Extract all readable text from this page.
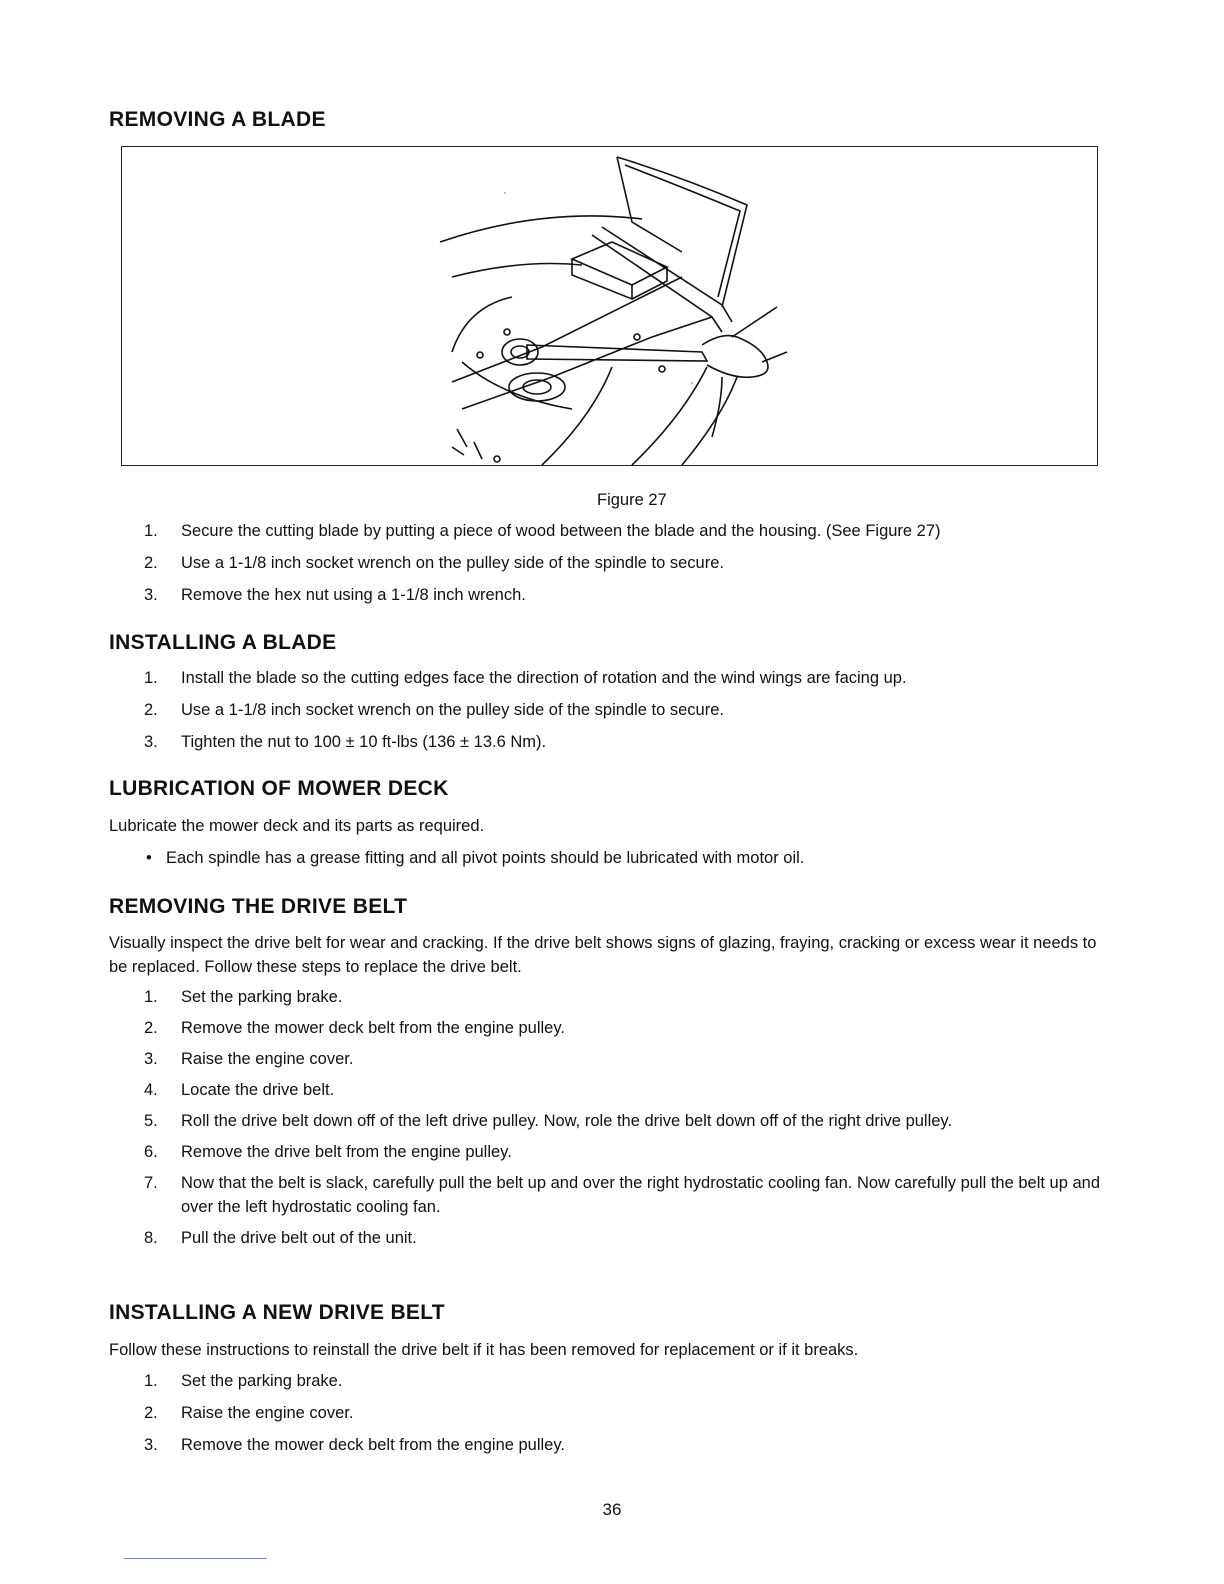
REMOVING A BLADE
Figure 27
1.	Secure the cutting blade by putting a piece of wood between the blade and the housing. (See Figure 27)
2.	Use a 1-1/8 inch socket wrench on the pulley side of the spindle to secure.
3.	Remove the hex nut using a 1-1/8 inch wrench.
INSTALLING A BLADE
1.	Install the blade so the cutting edges face the direction of rotation and the wind wings are facing up.
2.	Use a 1-1/8 inch socket wrench on the pulley side of the spindle to secure.
3.	Tighten the nut to 100 ± 10 ft-lbs (136 ± 13.6 Nm).
LUBRICATION OF MOWER DECK

Lubricate the mower deck and its parts as required.

• Each spindle has a grease fitting and all pivot points should be lubricated with motor oil.
REMOVING THE DRIVE BELT

Visually inspect the drive belt for wear and cracking. If the drive belt shows signs of glazing, fraying, cracking or excess wear it needs to be replaced. Follow these steps to replace the drive belt.

1.	Set the parking brake.
2.	Remove the mower deck belt from the engine pulley.
3.	Raise the engine cover.
4.	Locate the drive belt.
5.	Roll the drive belt down off of the left drive pulley. Now, role the drive belt down off of the right drive pulley.
6.	Remove the drive belt from the engine pulley.
7.	Now that the belt is slack, carefully pull the belt up and over the right hydrostatic cooling fan. Now carefully pull the belt up and over the left hydrostatic cooling fan.
8.	Pull the drive belt out of the unit.
INSTALLING A NEW DRIVE BELT

Follow these instructions to reinstall the drive belt if it has been removed for replacement or if it breaks.

1.	Set the parking brake.
2.	Raise the engine cover.
3.	Remove the mower deck belt from the engine pulley.
36
